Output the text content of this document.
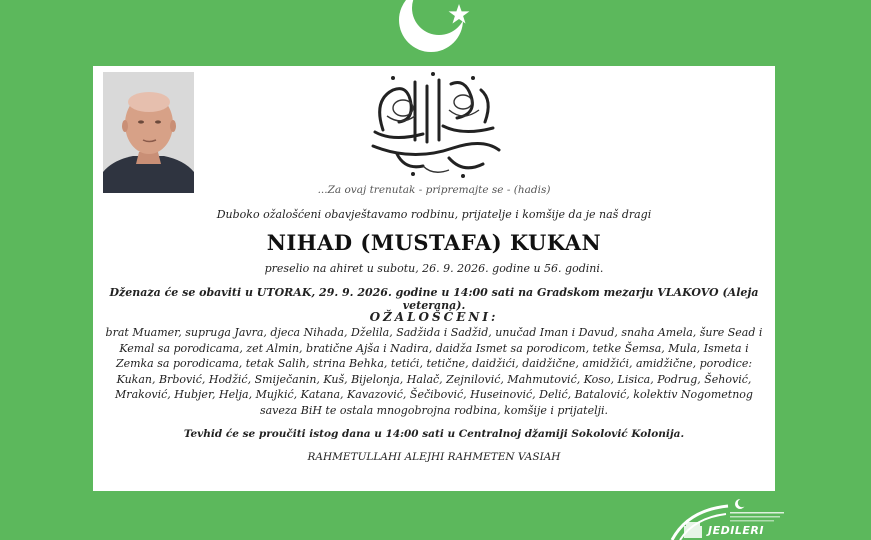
...Za ovaj trenutak - pripremajte se - (hadis)
Duboko ožalošćeni obavještavamo rodbinu, prijatelje i komšije da je naš dragi
NIHAD (MUSTAFA) KUKAN
preselio na ahiret u subotu, 26. 9. 2026. godine u 56. godini.
Dženaza će se obaviti u UTORAK, 29. 9. 2026. godine u 14:00 sati na Gradskom mezarju VLAKOVO (Aleja veterana).
OŽALOŠĆENI:
brat Muamer, supruga Javra, djeca Nihada, Dželila, Sadžida i Sadžid, unučad Iman i Davud, snaha Amela, šure Sead i Kemal sa porodicama, zet Almin, bratične Ajša i Nadira, daidža Ismet sa porodicom, tetke Šemsa, Mula, Ismeta i Zemka sa porodicama, tetak Salih, strina Behka, tetići, tetične, daidžići, daidžične, amidžići, amidžične, porodice: Kukan, Brbović, Hodžić, Smiječanin, Kuš, Bijelonja, Halač, Zejnilović, Mahmutović, Koso, Lisica, Podrug, Šehović, Mraković, Hubjer, Helja, Mujkić, Katana, Kavazović, Šečibović, Huseinović, Delić, Batalović, kolektiv Nogometnog saveza BiH te ostala mnogobrojna rodbina, komšije i prijatelji.
Tevhid će se proučiti istog dana u 14:00 sati u Centralnoj džamiji Sokolović Kolonija.
RAHMETULLAHI ALEJHI RAHMETEN VASIAH
JEDILERI
